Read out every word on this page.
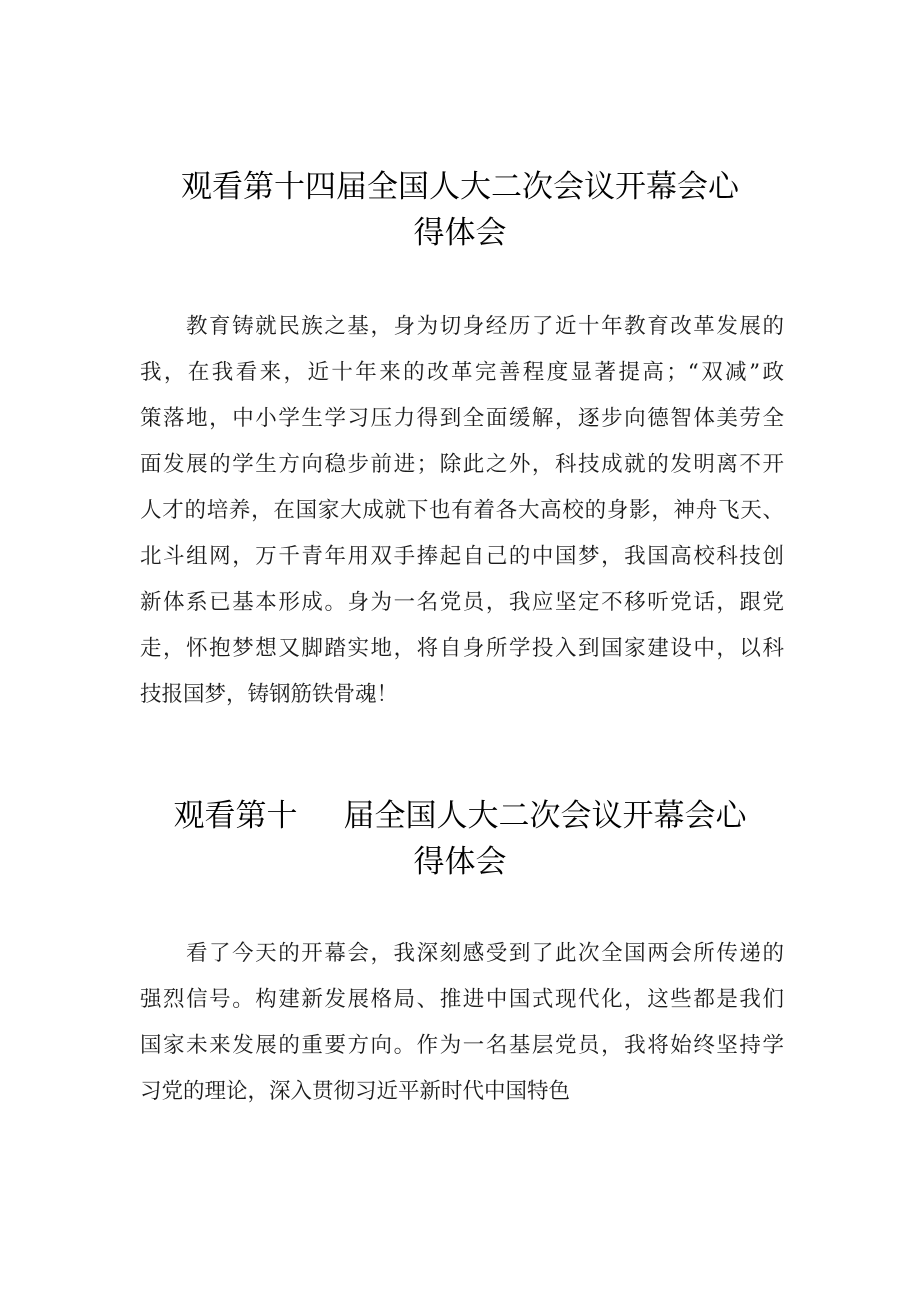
观看第十四届全国人大二次会议开幕会心
得体会
教育铸就民族之基，身为切身经历了近十年教育改革发展的
我，在我看来，近十年来的改革完善程度显著提高；“双减”政
策落地，中小学生学习压力得到全面缓解，逐步向德智体美劳全
面发展的学生方向稳步前进；除此之外，科技成就的发明离不开
人才的培养，在国家大成就下也有着各大高校的身影，神舟飞天、
北斗组网，万千青年用双手捧起自己的中国梦，我国高校科技创
新体系已基本形成。身为一名党员，我应坚定不移听党话，跟党
走，怀抱梦想又脚踏实地，将自身所学投入到国家建设中，以科
技报国梦，铸钢筋铁骨魂！
观看第十 届全国人大二次会议开幕会心
得体会
看了今天的开幕会，我深刻感受到了此次全国两会所传递的
强烈信号。构建新发展格局、推进中国式现代化，这些都是我们
国家未来发展的重要方向。作为一名基层党员，我将始终坚持学
习党的理论，深入贯彻习近平新时代中国特色
